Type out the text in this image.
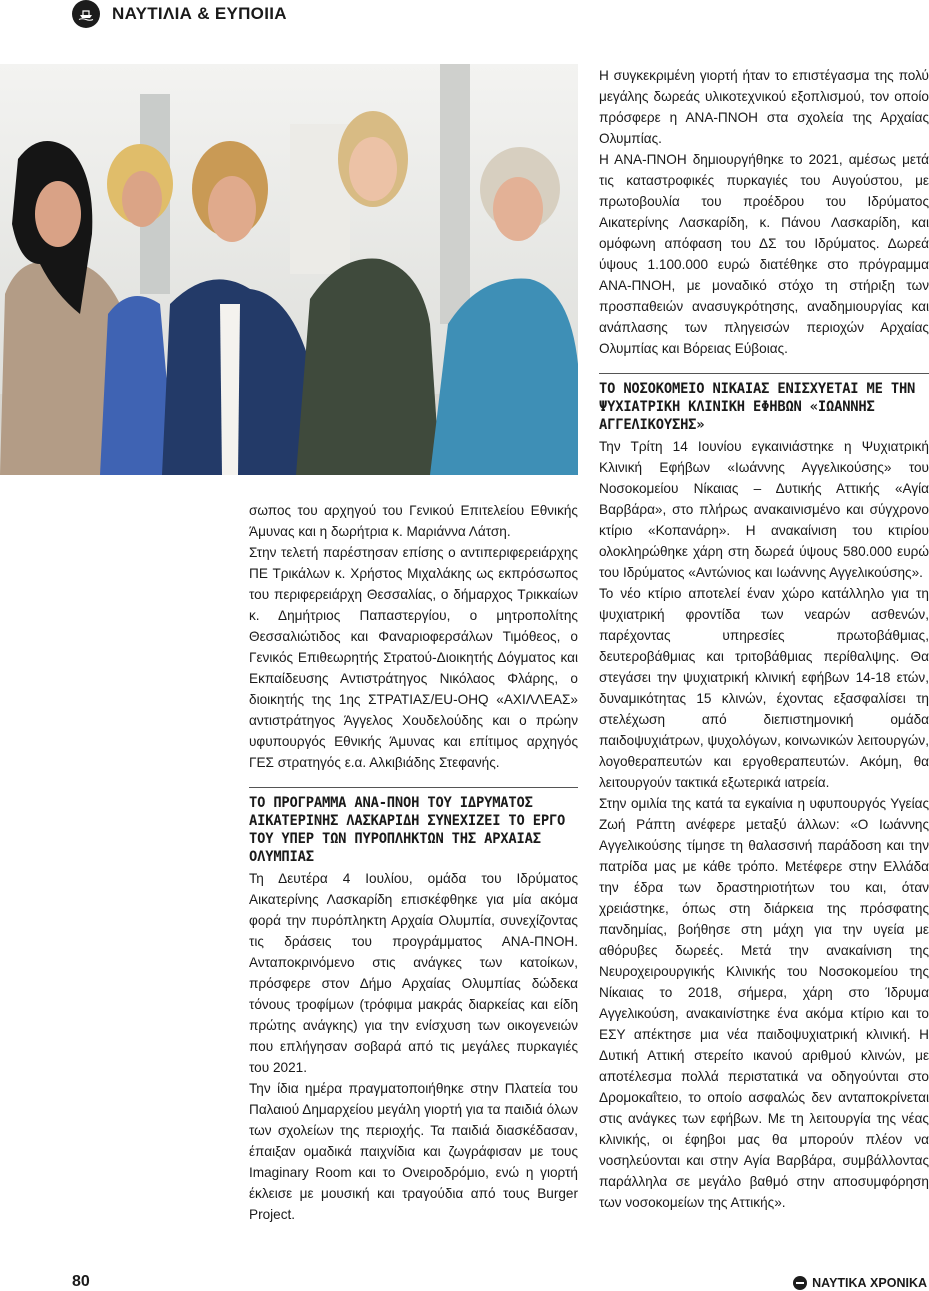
ΝΑΥΤΙΛΙΑ & ΕΥΠΟΙΙΑ

σωπος του αρχηγού του Γενικού Επιτελείου Εθνικής Άμυνας και η δωρήτρια κ. Μαριάννα Λάτση.

Στην τελετή παρέστησαν επίσης ο αντιπεριφερειάρχης ΠΕ Τρικάλων κ. Χρήστος Μιχαλάκης ως εκπρόσωπος του περιφερειάρχη Θεσσαλίας, ο δήμαρχος Τρικκαίων κ. Δημήτριος Παπαστεργίου, ο μητροπολίτης Θεσσαλιώτιδος και Φαναριοφερσάλων Τιμόθεος, ο Γενικός Επιθεωρητής Στρατού-Διοικητής Δόγματος και Εκπαίδευσης Αντιστράτηγος Νικόλαος Φλάρης, ο διοικητής της 1ης ΣΤΡΑΤΙΑΣ/EU-OHQ «ΑΧΙΛΛΕΑΣ» αντιστράτηγος Άγγελος Χουδελούδης και ο πρώην υφυπουργός Εθνικής Άμυνας και επίτιμος αρχηγός ΓΕΣ στρατηγός ε.α. Αλκιβιάδης Στεφανής.

ΤΟ ΠΡΟΓΡΑΜΜΑ ΑΝΑ-ΠΝΟΗ ΤΟΥ ΙΔΡΥΜΑΤΟΣ ΑΙΚΑΤΕΡΙΝΗΣ ΛΑΣΚΑΡΙΔΗ ΣΥΝΕΧΙΖΕΙ ΤΟ ΕΡΓΟ ΤΟΥ ΥΠΕΡ ΤΩΝ ΠΥΡΟΠΛΗΚΤΩΝ ΤΗΣ ΑΡΧΑΙΑΣ ΟΛΥΜΠΙΑΣ

Τη Δευτέρα 4 Ιουλίου, ομάδα του Ιδρύματος Αικατερίνης Λασκαρίδη επισκέφθηκε για μία ακόμα φορά την πυρόπληκτη Αρχαία Ολυμπία, συνεχίζοντας τις δράσεις του προγράμματος ΑΝΑ-ΠΝΟΗ. Ανταποκρινόμενο στις ανάγκες των κατοίκων, πρόσφερε στον Δήμο Αρχαίας Ολυμπίας δώδεκα τόνους τροφίμων (τρόφιμα μακράς διαρκείας και είδη πρώτης ανάγκης) για την ενίσχυση των οικογενειών που επλήγησαν σοβαρά από τις μεγάλες πυρκαγιές του 2021.

Την ίδια ημέρα πραγματοποιήθηκε στην Πλατεία του Παλαιού Δημαρχείου μεγάλη γιορτή για τα παιδιά όλων των σχολείων της περιοχής. Τα παιδιά διασκέδασαν, έπαιξαν ομαδικά παιχνίδια και ζωγράφισαν με τους Imaginary Room και το Ονειροδρόμιο, ενώ η γιορτή έκλεισε με μουσική και τραγούδια από τους Burger Project.

Η συγκεκριμένη γιορτή ήταν το επιστέγασμα της πολύ μεγάλης δωρεάς υλικοτεχνικού εξοπλισμού, τον οποίο πρόσφερε η ΑΝΑ-ΠΝΟΗ στα σχολεία της Αρχαίας Ολυμπίας.

Η ΑΝΑ-ΠΝΟΗ δημιουργήθηκε το 2021, αμέσως μετά τις καταστροφικές πυρκαγιές του Αυγούστου, με πρωτοβουλία του προέδρου του Ιδρύματος Αικατερίνης Λασκαρίδη, κ. Πάνου Λασκαρίδη, και ομόφωνη απόφαση του ΔΣ του Ιδρύματος. Δωρεά ύψους 1.100.000 ευρώ διατέθηκε στο πρόγραμμα ΑΝΑ-ΠΝΟΗ, με μοναδικό στόχο τη στήριξη των προσπαθειών ανασυγκρότησης, αναδημιουργίας και ανάπλασης των πληγεισών περιοχών Αρχαίας Ολυμπίας και Βόρειας Εύβοιας.

ΤΟ ΝΟΣΟΚΟΜΕΙΟ ΝΙΚΑΙΑΣ ΕΝΙΣΧΥΕΤΑΙ ΜΕ ΤΗΝ ΨΥΧΙΑΤΡΙΚΗ ΚΛΙΝΙΚΗ ΕΦΗΒΩΝ «ΙΩΑΝΝΗΣ ΑΓΓΕΛΙΚΟΥΣΗΣ»

Την Τρίτη 14 Ιουνίου εγκαινιάστηκε η Ψυχιατρική Κλινική Εφήβων «Ιωάννης Αγγελικούσης» του Νοσοκομείου Νίκαιας – Δυτικής Αττικής «Αγία Βαρβάρα», στο πλήρως ανακαινισμένο και σύγχρονο κτίριο «Κοπανάρη». Η ανακαίνιση του κτιρίου ολοκληρώθηκε χάρη στη δωρεά ύψους 580.000 ευρώ του Ιδρύματος «Αντώνιος και Ιωάννης Αγγελικούσης».

Το νέο κτίριο αποτελεί έναν χώρο κατάλληλο για τη ψυχιατρική φροντίδα των νεαρών ασθενών, παρέχοντας υπηρεσίες πρωτοβάθμιας, δευτεροβάθμιας και τριτοβάθμιας περίθαλψης. Θα στεγάσει την ψυχιατρική κλινική εφήβων 14-18 ετών, δυναμικότητας 15 κλινών, έχοντας εξασφαλίσει τη στελέχωση από διεπιστημονική ομάδα παιδοψυχιάτρων, ψυχολόγων, κοινωνικών λειτουργών, λογοθεραπευτών και εργοθεραπευτών. Ακόμη, θα λειτουργούν τακτικά εξωτερικά ιατρεία.

Στην ομιλία της κατά τα εγκαίνια η υφυπουργός Υγείας Ζωή Ράπτη ανέφερε μεταξύ άλλων: «Ο Ιωάννης Αγγελικούσης τίμησε τη θαλασσινή παράδοση και την πατρίδα μας με κάθε τρόπο. Μετέφερε στην Ελλάδα την έδρα των δραστηριοτήτων του και, όταν χρειάστηκε, όπως στη διάρκεια της πρόσφατης πανδημίας, βοήθησε στη μάχη για την υγεία με αθόρυβες δωρεές. Μετά την ανακαίνιση της Νευροχειρουργικής Κλινικής του Νοσοκομείου της Νίκαιας το 2018, σήμερα, χάρη στο Ίδρυμα Αγγελικούση, ανακαινίστηκε ένα ακόμα κτίριο και το ΕΣΥ απέκτησε μια νέα παιδοψυχιατρική κλινική. Η Δυτική Αττική στερείτο ικανού αριθμού κλινών, με αποτέλεσμα πολλά περιστατικά να οδηγούνται στο Δρομοκαΐτειο, το οποίο ασφαλώς δεν ανταποκρίνεται στις ανάγκες των εφήβων. Με τη λειτουργία της νέας κλινικής, οι έφηβοι μας θα μπορούν πλέον να νοσηλεύονται και στην Αγία Βαρβάρα, συμβάλλοντας παράλληλα σε μεγάλο βαθμό στην αποσυμφόρηση των νοσοκομείων της Αττικής».

80	ΝΑΥΤΙΚΑ ΧΡΟΝΙΚΑ
